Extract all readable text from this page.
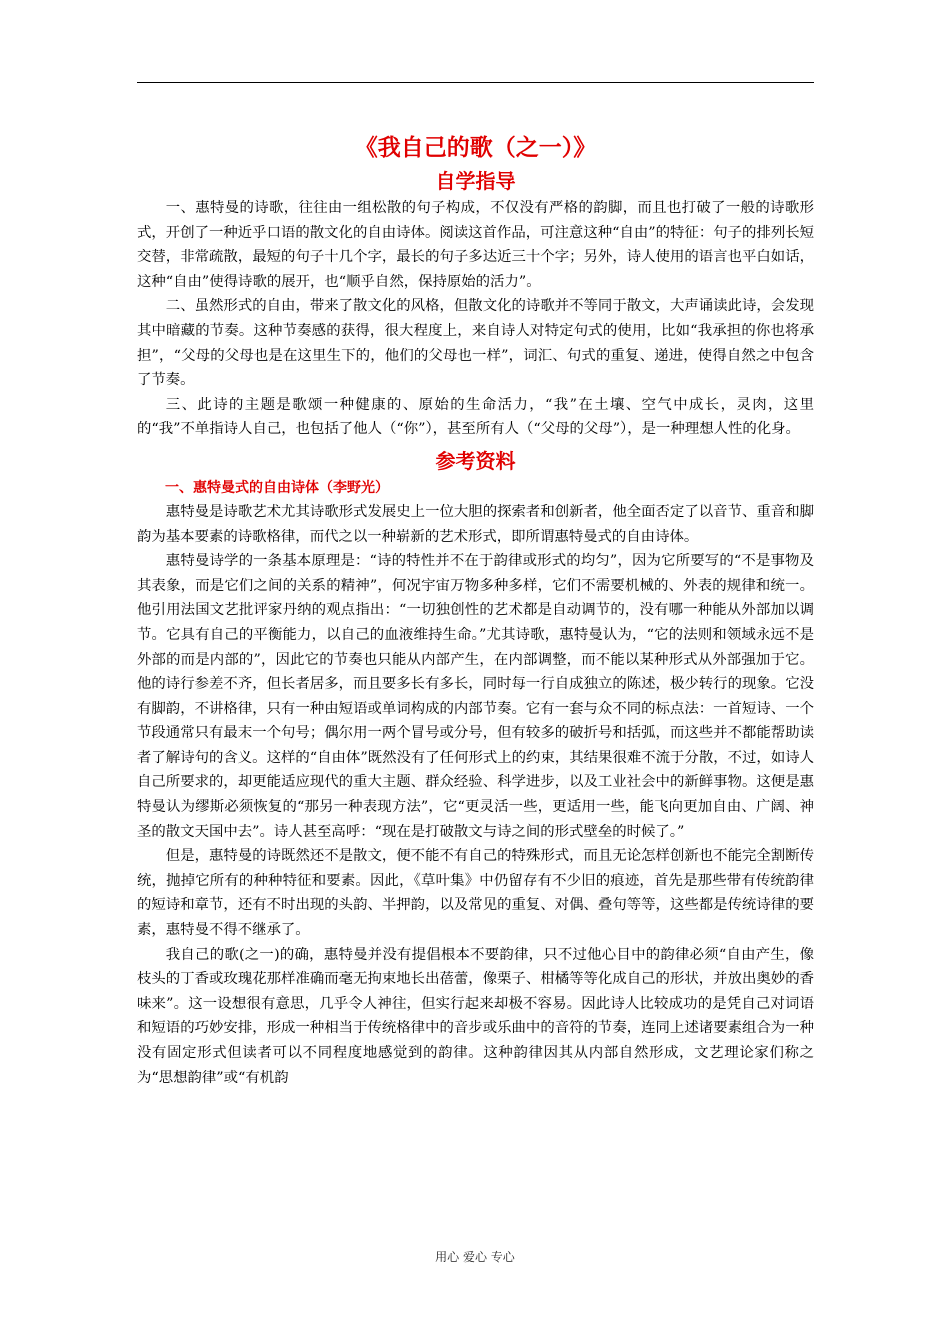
《我自己的歌（之一）》
自学指导

一、惠特曼的诗歌，往往由一组松散的句子构成，不仅没有严格的韵脚，而且也打破了一般的诗歌形式，开创了一种近乎口语的散文化的自由诗体。阅读这首作品，可注意这种“自由”的特征：句子的排列长短交替，非常疏散，最短的句子十几个字，最长的句子多达近三十个字；另外，诗人使用的语言也平白如话，这种“自由”使得诗歌的展开，也“顺乎自然，保持原始的活力”。

二、虽然形式的自由，带来了散文化的风格，但散文化的诗歌并不等同于散文，大声诵读此诗，会发现其中暗藏的节奏。这种节奏感的获得，很大程度上，来自诗人对特定句式的使用，比如“我承担的你也将承担”，“父母的父母也是在这里生下的，他们的父母也一样”，词汇、句式的重复、递进，使得自然之中包含了节奏。

三、此诗的主题是歌颂一种健康的、原始的生命活力，“我”在土壤、空气中成长，灵肉，这里的“我”不单指诗人自己，也包括了他人（“你”），甚至所有人（“父母的父母”），是一种理想人性的化身。

参考资料
一、惠特曼式的自由诗体（李野光）

惠特曼是诗歌艺术尤其诗歌形式发展史上一位大胆的探索者和创新者，他全面否定了以音节、重音和脚韵为基本要素的诗歌格律，而代之以一种崭新的艺术形式，即所谓惠特曼式的自由诗体。

惠特曼诗学的一条基本原理是：“诗的特性并不在于韵律或形式的均匀”，因为它所要写的“不是事物及其表象，而是它们之间的关系的精神”，何况宇宙万物多种多样，它们不需要机械的、外表的规律和统一。他引用法国文艺批评家丹纳的观点指出：“一切独创性的艺术都是自动调节的，没有哪一种能从外部加以调节。它具有自己的平衡能力，以自己的血液维持生命。”尤其诗歌，惠特曼认为，“它的法则和领域永远不是外部的而是内部的”，因此它的节奏也只能从内部产生，在内部调整，而不能以某种形式从外部强加于它。他的诗行参差不齐，但长者居多，而且要多长有多长，同时每一行自成独立的陈述，极少转行的现象。它没有脚韵，不讲格律，只有一种由短语或单词构成的内部节奏。它有一套与众不同的标点法：一首短诗、一个节段通常只有最末一个句号；偶尔用一两个冒号或分号，但有较多的破折号和括弧，而这些并不都能帮助读者了解诗句的含义。这样的“自由体”既然没有了任何形式上的约束，其结果很难不流于分散，不过，如诗人自己所要求的，却更能适应现代的重大主题、群众经验、科学进步，以及工业社会中的新鲜事物。这便是惠特曼认为缪斯必须恢复的“那另一种表现方法”，它“更灵活一些，更适用一些，能飞向更加自由、广阔、神圣的散文天国中去”。诗人甚至高呼：“现在是打破散文与诗之间的形式壁垒的时候了。”

但是，惠特曼的诗既然还不是散文，便不能不有自己的特殊形式，而且无论怎样创新也不能完全割断传统，抛掉它所有的种种特征和要素。因此，《草叶集》中仍留存有不少旧的痕迹，首先是那些带有传统韵律的短诗和章节，还有不时出现的头韵、半押韵，以及常见的重复、对偶、叠句等等，这些都是传统诗律的要素，惠特曼不得不继承了。

我自己的歌(之一)的确，惠特曼并没有提倡根本不要韵律，只不过他心目中的韵律必须“自由产生，像枝头的丁香或玫瑰花那样准确而毫无拘束地长出蓓蕾，像栗子、柑橘等等化成自己的形状，并放出奥妙的香味来”。这一设想很有意思，几乎令人神往，但实行起来却极不容易。因此诗人比较成功的是凭自己对词语和短语的巧妙安排，形成一种相当于传统格律中的音步或乐曲中的音符的节奏，连同上述诸要素组合为一种没有固定形式但读者可以不同程度地感觉到的韵律。这种韵律因其从内部自然形成，文艺理论家们称之为“思想韵律”或“有机韵

用心 爱心 专心
